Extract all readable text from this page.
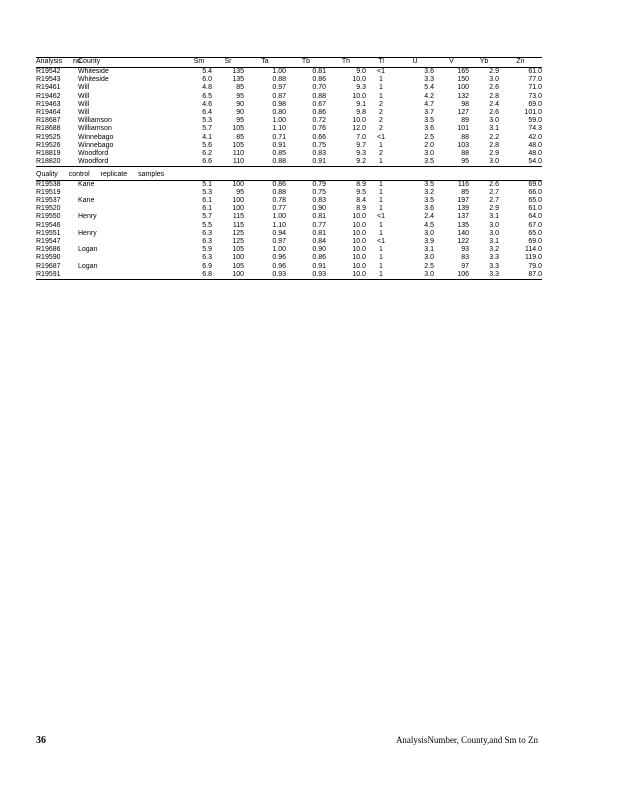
Analysis no.	County	Sm	Sr	Ta	Tb	Th	Tl	U	V	Yb	Zn
R19542	Whiteside	5.4	135	1.00	0.81	9.0	<1	3.6	165	2.9	61.0
R19543	Whiteside	6.0	135	0.88	0.86	10.0	1	3.3	150	3.0	77.0
R19461	Will	4.8	85	0.97	0.70	9.3	1	5.4	100	2.6	71.0
R19462	Will	6.5	95	0.87	0.88	10.0	1	4.2	132	2.8	73.0
R19463	Will	4.6	90	0.98	0.67	9.1	2	4.7	98	2.4	69.0
R19464	Will	6.4	90	0.80	0.86	9.8	2	3.7	127	2.6	101.0
R18687	Williamson	5.3	95	1.00	0.72	10.0	2	3.5	89	3.0	59.0
R18688	Williamson	5.7	105	1.10	0.76	12.0	2	3.6	101	3.1	74.3
R19525	Winnebago	4.1	85	0.71	0.66	7.0	<1	2.5	88	2.2	42.0
R19526	Winnebago	5.6	105	0.91	0.75	9.7	1	2.0	103	2.8	48.0
R18819	Woodford	6.2	110	0.85	0.83	9.3	2	3.0	88	2.9	48.0
R18820	Woodford	6.6	110	0.88	0.91	9.2	1	3.5	95	3.0	54.0
Quality control replicate samples											
R19538	Kane	5.1	100	0.86	0.79	8.9	1	3.5	116	2.6	69.0
R19519		5.3	95	0.88	0.75	9.5	1	3.2	85	2.7	66.0
R19537	Kane	6.1	100	0.78	0.83	8.4	1	3.5	197	2.7	65.0
R19520		6.1	100	0.77	0.90	8.9	1	3.6	139	2.9	61.0
R19550	Henry	5.7	115	1.00	0.81	10.0	<1	2.4	137	3.1	64.0
R19546		5.5	115	1.10	0.77	10.0	1	4.5	135	3.0	67.0
R19551	Henry	6.3	125	0.94	0.81	10.0	1	3.0	140	3.0	65.0
R19547		6.3	125	0.97	0.84	10.0	<1	3.9	122	3.1	69.0
R19686	Logan	5.9	105	1.00	0.90	10.0	1	3.1	93	3.2	114.0
R19590		6.3	100	0.96	0.86	10.0	1	3.0	83	3.3	119.0
R19687	Logan	6.9	105	0.96	0.91	10.0	1	2.5	97	3.3	79.0
R19591		6.8	100	0.93	0.93	10.0	1	3.0	106	3.3	87.0
36	AnalysisNumber, County,and Sm to Zn
